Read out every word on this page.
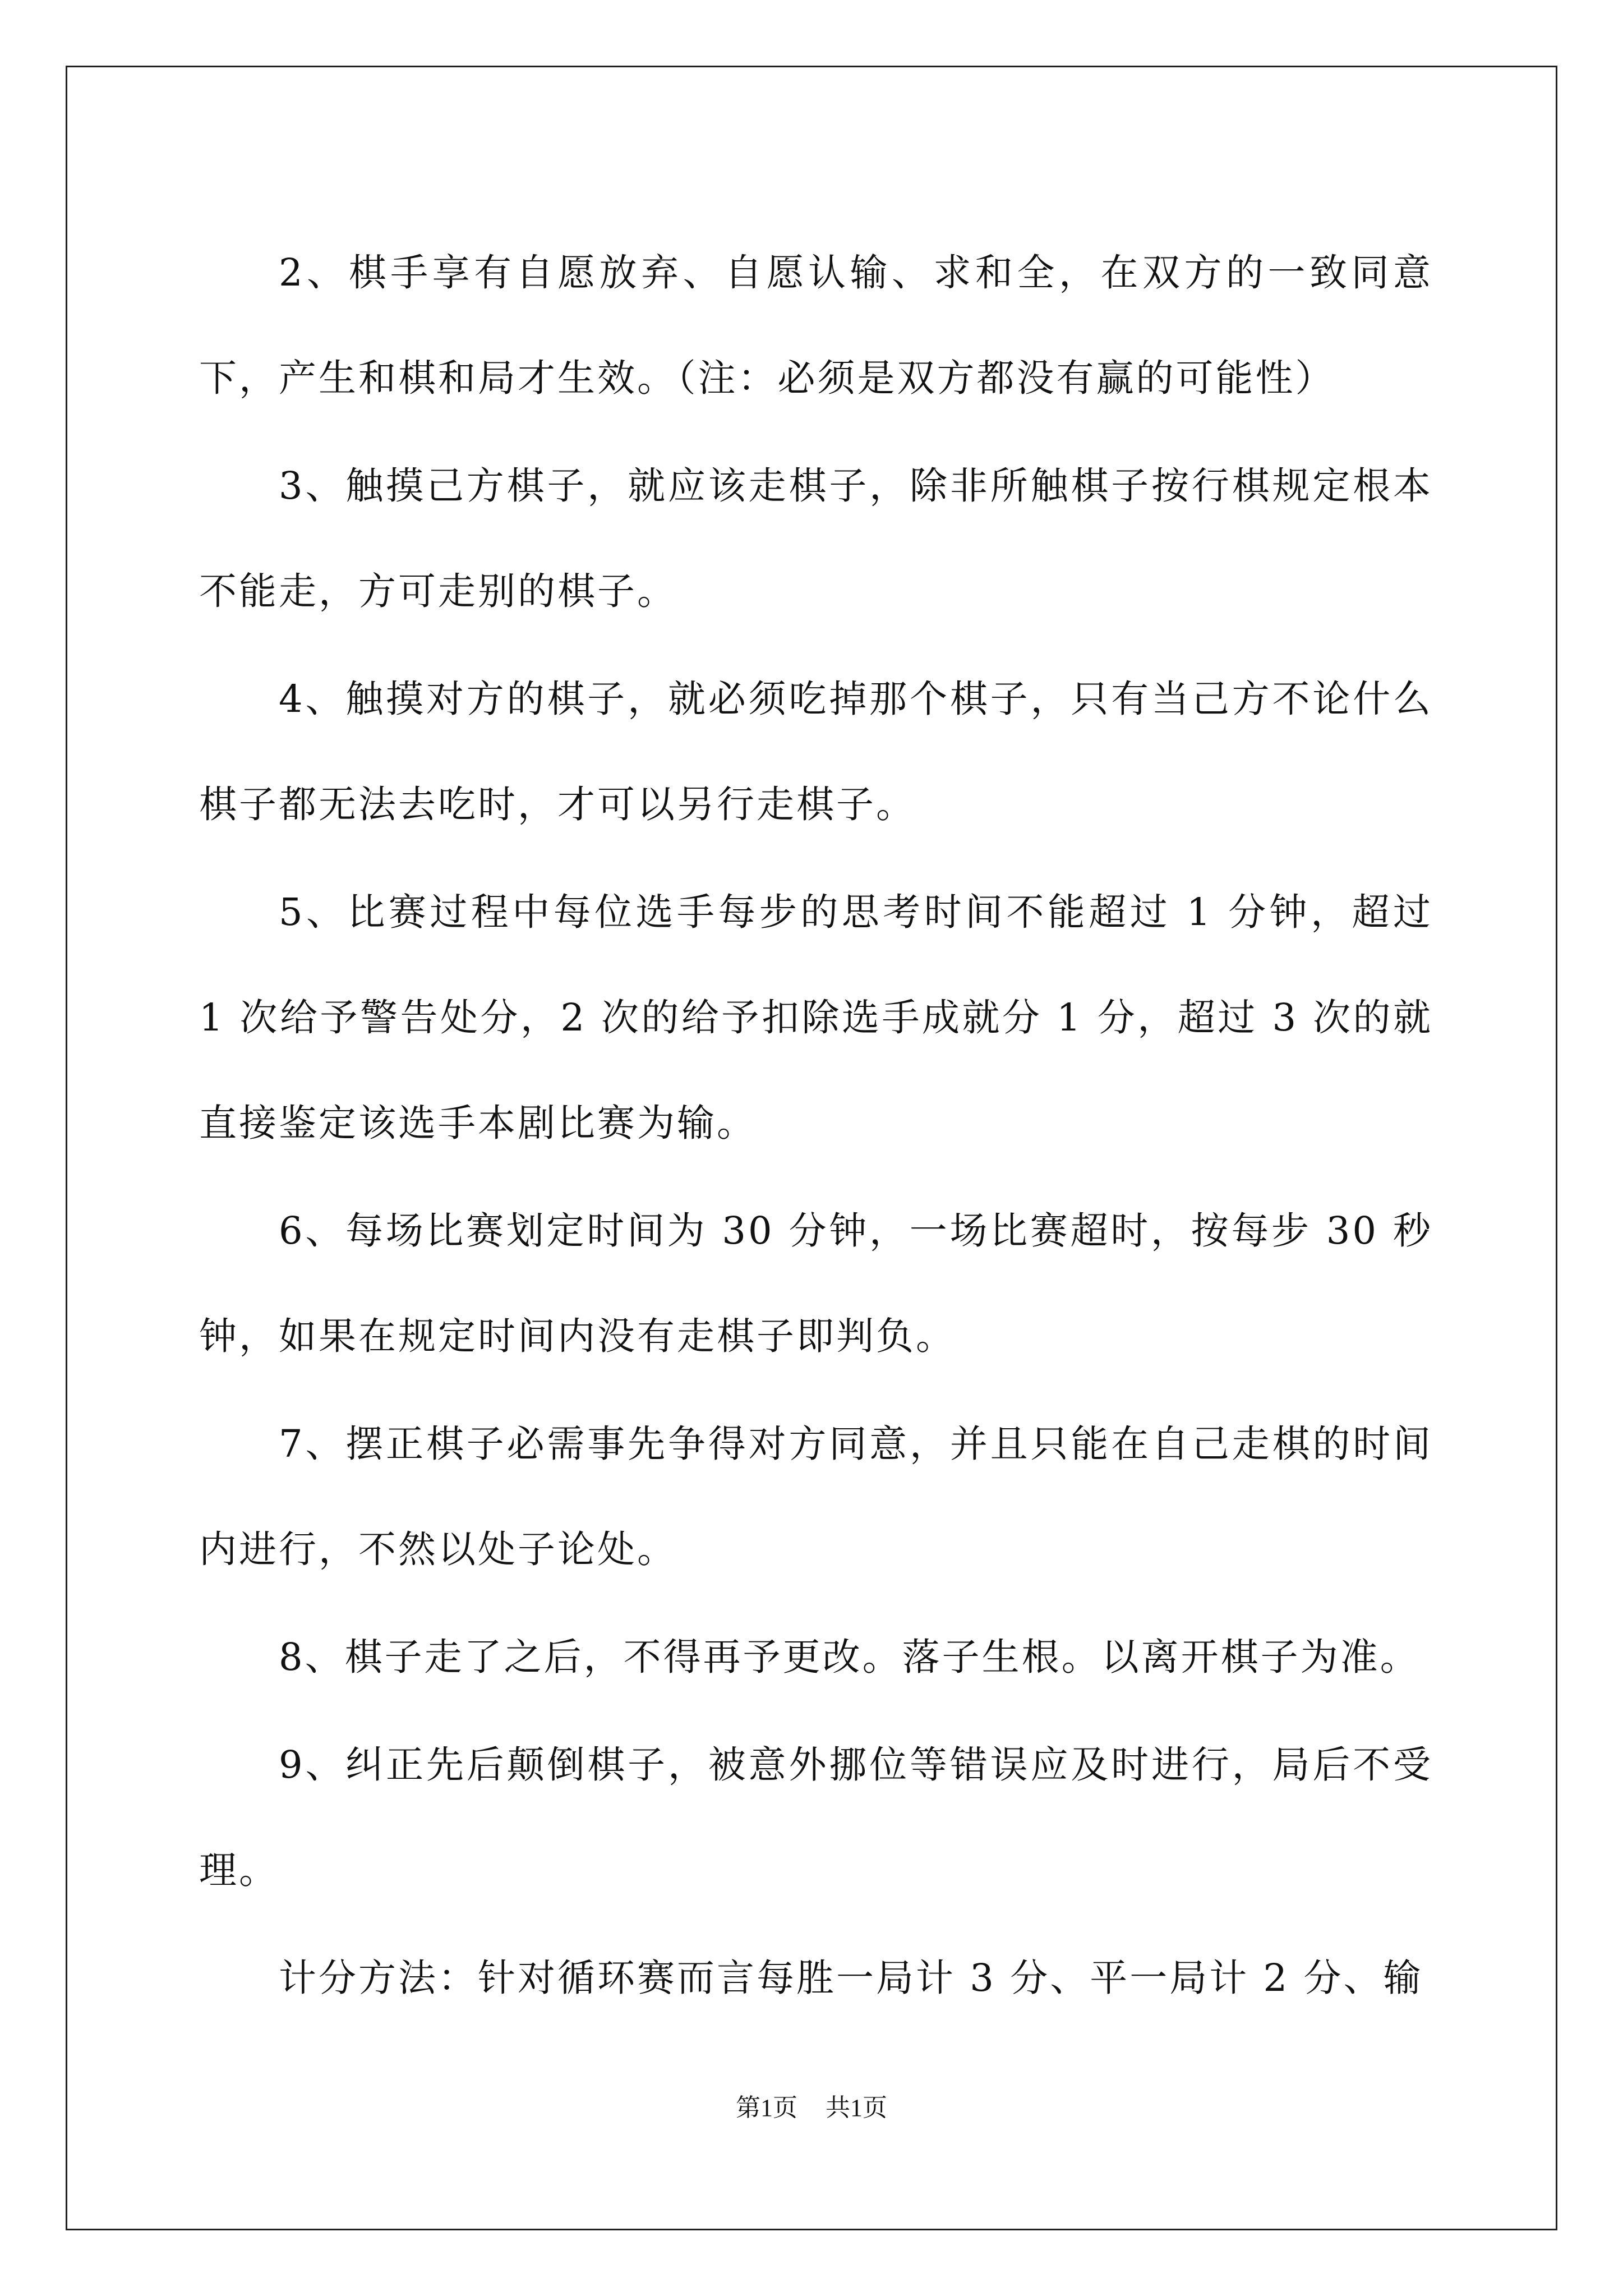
2、棋手享有自愿放弃、自愿认输、求和全，在双方的一致同意下，产生和棋和局才生效。（注：必须是双方都没有赢的可能性）

3、触摸己方棋子，就应该走棋子，除非所触棋子按行棋规定根本不能走，方可走别的棋子。

4、触摸对方的棋子，就必须吃掉那个棋子，只有当己方不论什么棋子都无法去吃时，才可以另行走棋子。

5、比赛过程中每位选手每步的思考时间不能超过 1 分钟，超过 1 次给予警告处分，2 次的给予扣除选手成就分 1 分，超过 3 次的就直接鉴定该选手本剧比赛为输。

6、每场比赛划定时间为 30 分钟，一场比赛超时，按每步 30 秒钟，如果在规定时间内没有走棋子即判负。

7、摆正棋子必需事先争得对方同意，并且只能在自己走棋的时间内进行，不然以处子论处。

8、棋子走了之后，不得再予更改。落子生根。以离开棋子为准。

9、纠正先后颠倒棋子，被意外挪位等错误应及时进行，局后不受理。

计分方法：针对循环赛而言每胜一局计 3 分、平一局计 2 分、输

第1页 共1页
